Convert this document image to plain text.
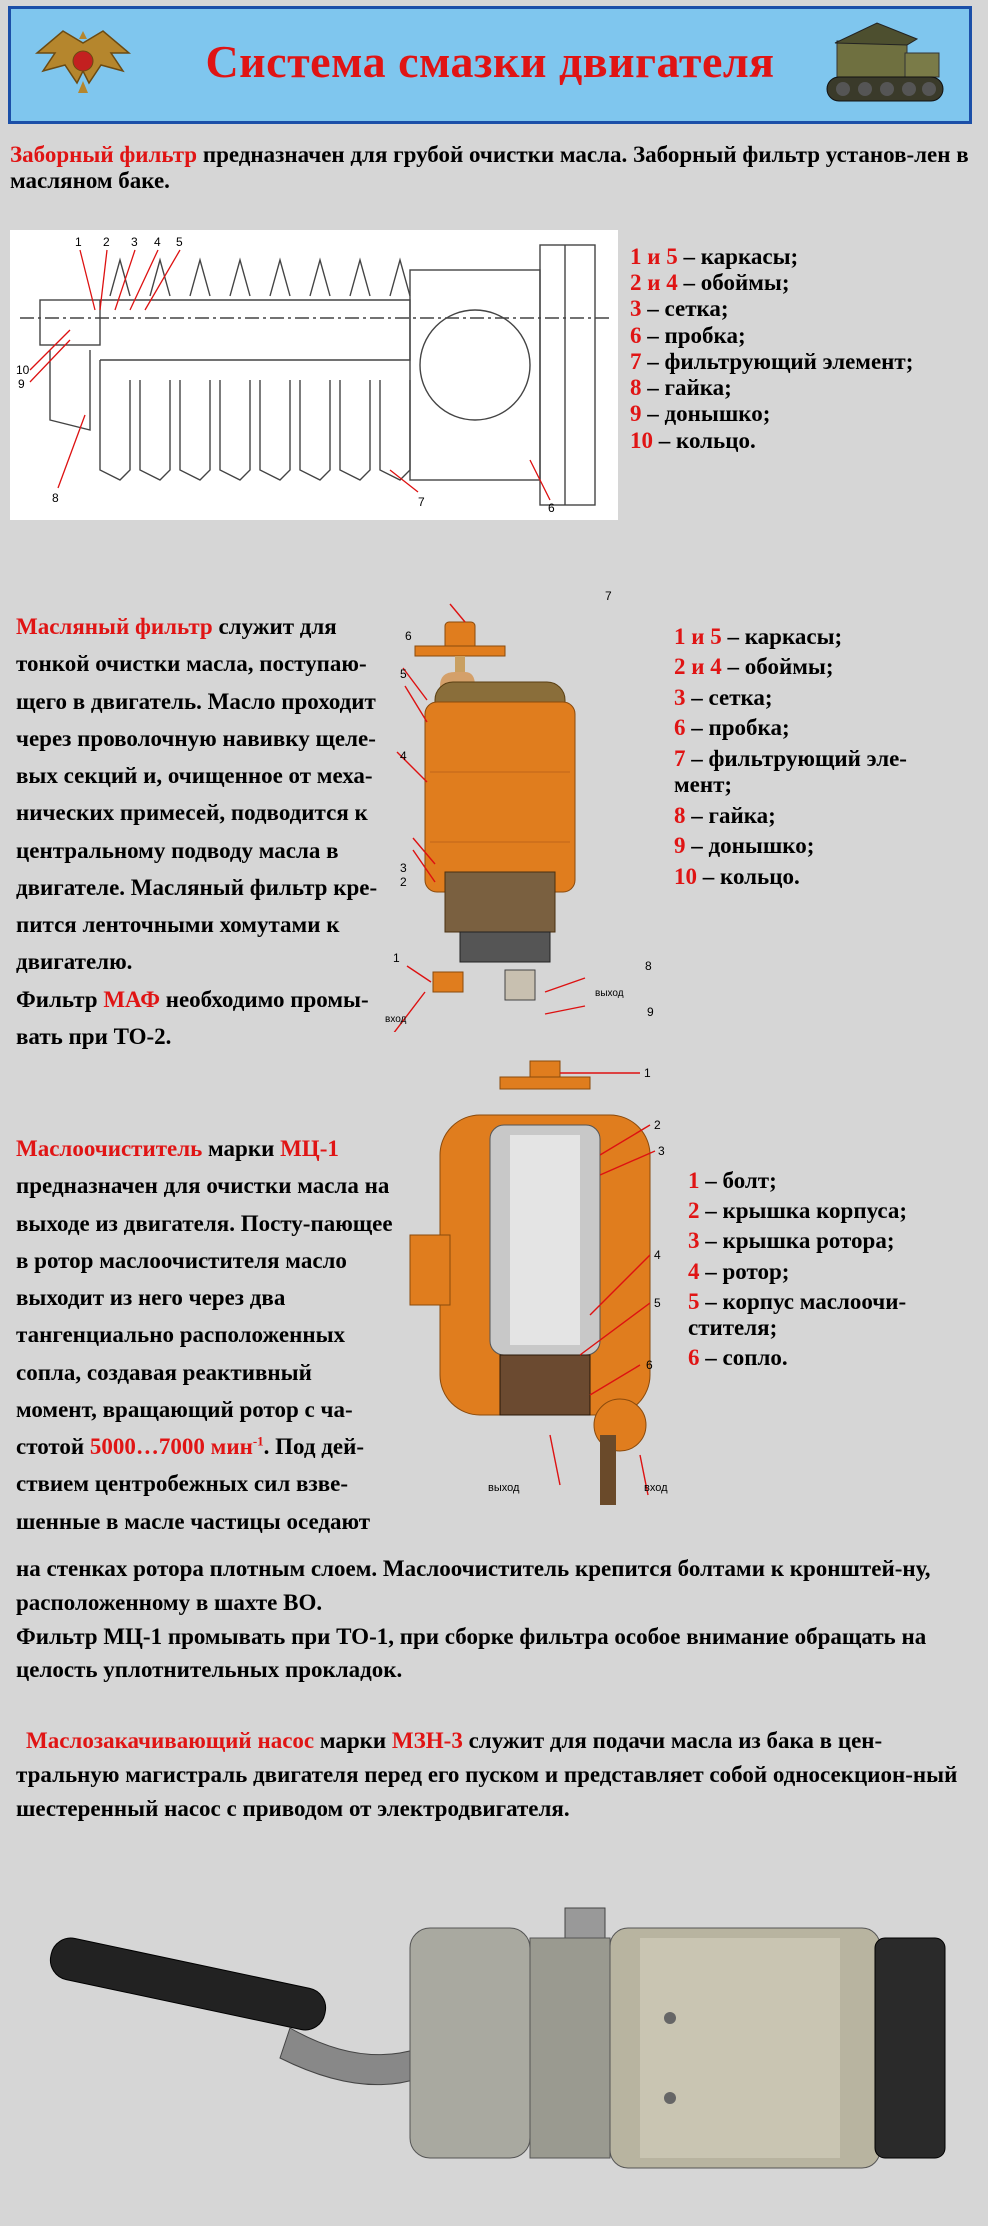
Система смазки двигателя
Заборный фильтр предназначен для грубой очистки масла. Заборный фильтр установ-лен в масляном баке.
1 2 3 4 5
10
9
8	7	6
1 и 5 – каркасы;
2 и 4 – обоймы;
3 – сетка;
6 – пробка;
7 – фильтрующий элемент;
8 – гайка;
9 – донышко;
10 – кольцо.
Масляный фильтр служит для тонкой очистки масла, поступаю-щего в двигатель. Масло проходит через проволочную навивку щеле-вых секций и, очищенное от меха-нических примесей, подводится к центральному подводу масла в двигателе. Масляный фильтр кре-пится ленточными хомутами к двигателю.
Фильтр МАФ необходимо промы-вать при ТО-2.
7
6
5
4
3
2
1
8
9
вход
выход
1 и 5 – каркасы;
2 и 4 – обоймы;
3 – сетка;
6 – пробка;
7 – фильтрующий эле-мент;
8 – гайка;
9 – донышко;
10 – кольцо.
Маслоочиститель марки МЦ-1
предназначен для очистки масла на выходе из двигателя. Посту-пающее в ротор маслоочистителя масло выходит из него через два тангенциально расположенных сопла, создавая реактивный момент, вращающий ротор с ча-стотой 5000…7000 мин$^{-1}$. Под дей-ствием центробежных сил взве-шенные в масле частицы оседают
1
2
3
4
5
6
выход	вход
1 – болт;
2 – крышка корпуса;
3 – крышка ротора;
4 – ротор;
5 – корпус маслоочи-стителя;
6 – сопло.
на стенках ротора плотным слоем. Маслоочиститель крепится болтами к кронштей-ну, расположенному в шахте ВО.
Фильтр МЦ-1 промывать при ТО-1, при сборке фильтра особое внимание обращать на целость уплотнительных прокладок.
Маслозакачивающий насос марки МЗН-3 служит для подачи масла из бака в цен-тральную магистраль двигателя перед его пуском и представляет собой односекцион-ный шестеренный насос с приводом от электродвигателя.
